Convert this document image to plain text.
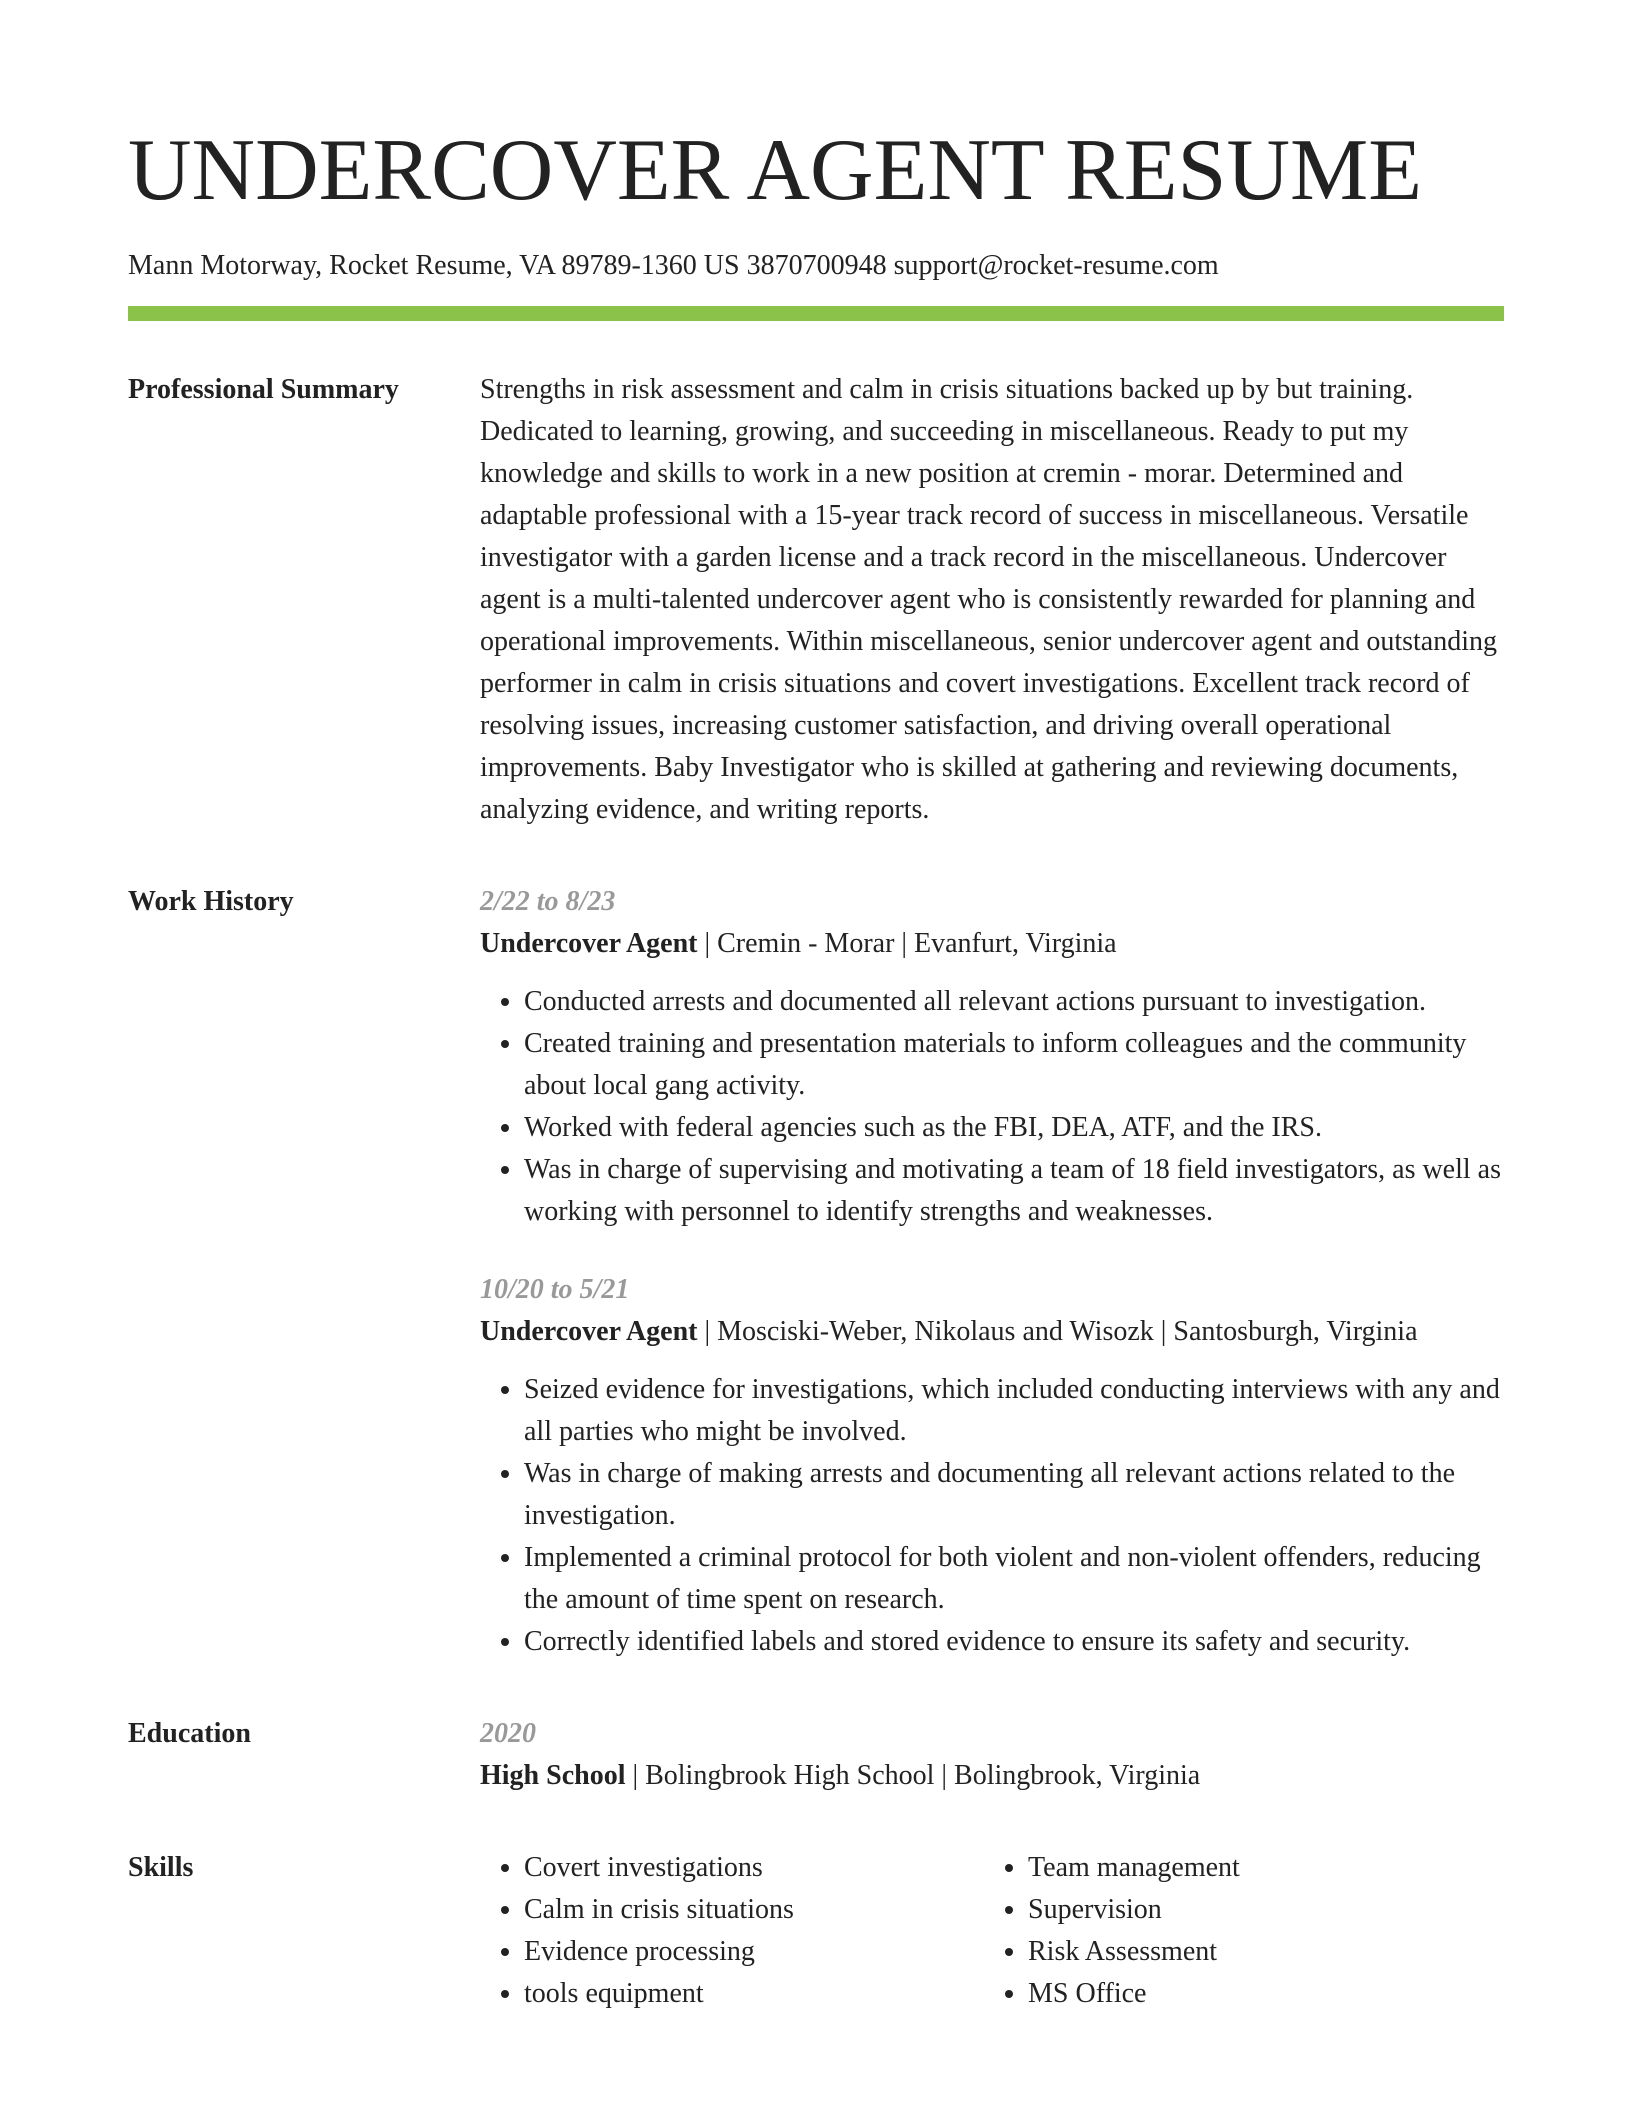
UNDERCOVER AGENT RESUME
Mann Motorway, Rocket Resume, VA 89789-1360 US 3870700948 support@rocket-resume.com
Professional Summary	Strengths in risk assessment and calm in crisis situations backed up by but training. Dedicated to learning, growing, and succeeding in miscellaneous. Ready to put my knowledge and skills to work in a new position at cremin - morar. Determined and adaptable professional with a 15-year track record of success in miscellaneous. Versatile investigator with a garden license and a track record in the miscellaneous. Undercover agent is a multi-talented undercover agent who is consistently rewarded for planning and operational improvements. Within miscellaneous, senior undercover agent and outstanding performer in calm in crisis situations and covert investigations. Excellent track record of resolving issues, increasing customer satisfaction, and driving overall operational improvements. Baby Investigator who is skilled at gathering and reviewing documents, analyzing evidence, and writing reports.

Work History	2/22 to 8/23
Undercover Agent | Cremin - Morar | Evanfurt, Virginia
• Conducted arrests and documented all relevant actions pursuant to investigation.
• Created training and presentation materials to inform colleagues and the community about local gang activity.
• Worked with federal agencies such as the FBI, DEA, ATF, and the IRS.
• Was in charge of supervising and motivating a team of 18 field investigators, as well as working with personnel to identify strengths and weaknesses.
10/20 to 5/21
Undercover Agent | Mosciski-Weber, Nikolaus and Wisozk | Santosburgh, Virginia
• Seized evidence for investigations, which included conducting interviews with any and all parties who might be involved.
• Was in charge of making arrests and documenting all relevant actions related to the investigation.
• Implemented a criminal protocol for both violent and non-violent offenders, reducing the amount of time spent on research.
• Correctly identified labels and stored evidence to ensure its safety and security.
Education	2020
High School | Bolingbrook High School | Bolingbrook, Virginia
Skills
•	Covert investigations
• Calm in crisis situations
• Evidence processing
• tools equipment
• Team management
• Supervision
• Risk Assessment
• MS Office
